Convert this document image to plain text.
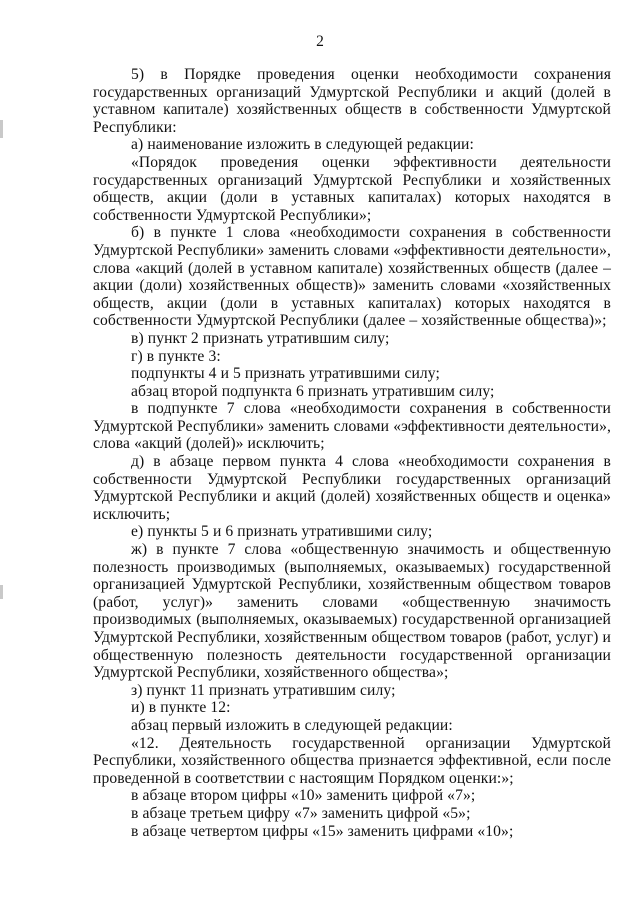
2

5) в Порядке проведения оценки необходимости сохранения государственных организаций Удмуртской Республики и акций (долей в уставном капитале) хозяйственных обществ в собственности Удмуртской Республики:

а) наименование изложить в следующей редакции:

«Порядок проведения оценки эффективности деятельности государственных организаций Удмуртской Республики и хозяйственных обществ, акции (доли в уставных капиталах) которых находятся в собственности Удмуртской Республики»;

б) в пункте 1 слова «необходимости сохранения в собственности Удмуртской Республики» заменить словами «эффективности деятельности», слова «акций (долей в уставном капитале) хозяйственных обществ (далее – акции (доли) хозяйственных обществ)» заменить словами «хозяйственных обществ, акции (доли в уставных капиталах) которых находятся в собственности Удмуртской Республики (далее – хозяйственные общества)»;

в) пункт 2 признать утратившим силу;

г) в пункте 3:

подпункты 4 и 5 признать утратившими силу;

абзац второй подпункта 6 признать утратившим силу;

в подпункте 7 слова «необходимости сохранения в собственности Удмуртской Республики» заменить словами «эффективности деятельности», слова «акций (долей)» исключить;

д) в абзаце первом пункта 4 слова «необходимости сохранения в собственности Удмуртской Республики государственных организаций Удмуртской Республики и акций (долей) хозяйственных обществ и оценка» исключить;

е) пункты 5 и 6 признать утратившими силу;

ж) в пункте 7 слова «общественную значимость и общественную полезность производимых (выполняемых, оказываемых) государственной организацией Удмуртской Республики, хозяйственным обществом товаров (работ, услуг)» заменить словами «общественную значимость производимых (выполняемых, оказываемых) государственной организацией Удмуртской Республики, хозяйственным обществом товаров (работ, услуг) и общественную полезность деятельности государственной организации Удмуртской Республики, хозяйственного общества»;

з) пункт 11 признать утратившим силу;

и) в пункте 12:

абзац первый изложить в следующей редакции:

«12. Деятельность государственной организации Удмуртской Республики, хозяйственного общества признается эффективной, если после проведенной в соответствии с настоящим Порядком оценки:»;

в абзаце втором цифры «10» заменить цифрой «7»;

в абзаце третьем цифру «7» заменить цифрой «5»;

в абзаце четвертом цифры «15» заменить цифрами «10»;
